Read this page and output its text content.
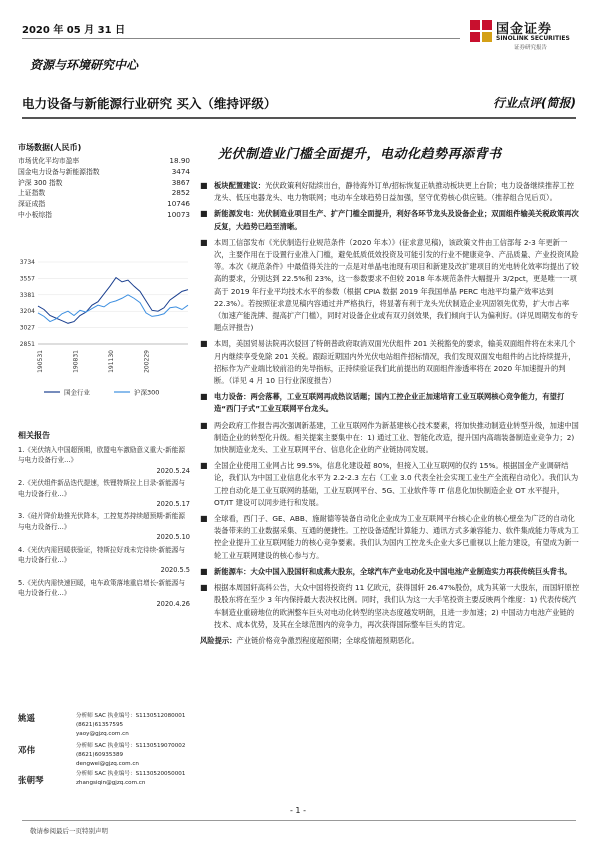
2020 年 05 月 31 日	国金证券
SINOLINK SECURITIES
证券研究报告
资源与环境研究中心
电力设备与新能源行业研究 买入（维持评级）	行业点评(简报)
市场数据(人民币)
市场优化平均市盈率	18.90
国金电力设备与新能源指数	3474
沪深 300 指数	3867
上证指数	2852
深证成指	10746
中小板综指	10073
3734
3557
3381
3204
3027
2851
190531	190831	191130	200229
国金行业	沪深300
相关报告
1.《光伏纳入中国超预期，欧盟电车激励意义重大-新能源与电力设备行业...》
2020.5.24
2.《光伏组件新品迭代提速，铁锂特斯拉上目录-新能源与电力设备行业...》
2020.5.17
3.《硅片降价助推光伏降本，工控复苏持续超预期-新能源与电力设备行...》
2020.5.10
4.《光伏内需回暖获验证，特斯拉好戏未完待续-新能源与电力设备行业...》
2020.5.5
5.《光伏内需快速回暖，电车政策落地重启增长-新能源与电力设备行业...》
2020.4.26
姚遥	分析师 SAC 执业编号：S1130512080001
(8621)61357595
yaoy@gjzq.com.cn
邓伟	分析师 SAC 执业编号：S1130519070002
(8621)60935389
dengwei@gjzq.com.cn
张朝琴
分析师 SAC 执业编号：S1130520050001
zhangsiqin@gjzq.com.cn
光伏制造业门槛全面提升，电动化趋势再添背书
■ 板块配置建议：光伏政策利好陆续出台，静待海外订单/招标恢复正轨推动板块更上台阶；电力设备继续推荐工控龙头、低压电器龙头、电力物联网；电动车全球趋势日益加强，坚守优势核心供应链。（推荐组合见后页）。
■ 新能源发电：光伏制造业项目生产、扩产门槛全面提升，利好各环节龙头及设备企业；双面组件输美关税政策再次反复，大趋势已趋至清晰。
■ 本周工信部发布《光伏制造行业规范条件（2020 年本）》(征求意见稿)，该政策文件由工信部每 2-3 年更新一次，主要作用在于设置行业准入门槛，避免低质低效投资及可能引发的行业不健康竞争、产品质量、产业投资风险等。本次《规范条件》中最值得关注的一点是对单晶电池现有项目和新建及改扩建项目的光电转化效率均提出了较高的要求，分别达到 22.5%和 23%，这一参数要求不但较 2018 年本规范条件大幅提升 3/2pct，更是唯一一项高于 2019 年行业平均技术水平的参数（根据 CPIA 数据 2019 年我国单晶 PERC 电池平均量产效率达到 22.3%）。若按照征求意见稿内容通过并严格执行，将显著有利于龙头光伏制造企业巩固领先优势，扩大市占率（加速产能洗牌、提高扩产门槛），同时对设备企业或有双刃剑效果，我们倾向于认为偏利好。(详见周期发布的专题点评报告)
■ 本周，美国贸易法院再次驳回了特朗普政府取消双面光伏组件 201 关税豁免的要求，输美双面组件将在未来几个月内继续享受免除 201 关税。跟踪近期国内外光伏电站组件招标情况，我们发现双面发电组件的占比持续提升，招标作为产业端比较前沿的先导指标，正持续验证我们此前提出的双面组件渗透率将在 2020 年加速提升的判断。（详见 4 月 10 日行业深度报告）
■ 电力设备：两会落幕，工业互联网再成热议话题；国内工控企业正加速培育工业互联网核心竞争能力，有望打造“西门子式”工业互联网平台龙头。
■ 两会政府工作报告再次强调新基建，工业互联网作为新基建核心技术要素，将加快推动制造业转型升级，加速中国制造企业的转型化升级。相关提案主要集中在：1) 通过工业、智能化改造，提升国内高端装备制造业竞争力；2) 加快制造业龙头、工业互联网平台、信息化企业的产业链协同发展。
■ 全国企业使用工业网占比 99.5%，信息化建设超 80%，但接入工业互联网的仅约 15%。根据国金产业调研结论，我们认为中国工业信息化水平为 2.2-2.3 左右（工业 3.0 代表全社会实现工业生产全流程自动化）。我们认为工控自动化是工业互联网的基础，工业互联网平台、5G、工业软件等 IT 信息化加快制造企业 OT 水平提升，OT/IT 建设可以同步进行和发展。
■ 全球看，西门子、GE、ABB、施耐德等装备自动化企业成为工业互联网平台核心企业的核心壁垒为广泛的自动化装备带来的工业数据采集、互通的便捷性。工控设备适配计算能力、通讯方式多兼容能力、软件集成能力等成为工控企业提升工业互联网能力的核心竞争要素。我们认为国内工控龙头企业大多已重视以上能力建设，有望成为新一轮工业互联网建设的核心参与方。
■ 新能源车：大众中国入股国轩和成燕大股东，全球汽车产业电动化及中国电池产业制造实力再获传统巨头背书。
■ 根据本周国轩高科公告，大众中国将投资约 11 亿欧元，获得国轩 26.47%股份，成为其第一大股东，而国轩原控股股东将在至少 3 年内保持最大表决权比例。同时，我们认为这一大手笔投资主要反映两个维度：1) 代表传统汽车制造业重磅地位的欧洲整车巨头对电动化转型的坚决态度越发明朗，且进一步加速；2) 中国动力电池产业链的技术、成本优势，及其在全球范围内的竞争力，再次获得国际整车巨头的肯定。
风险提示：产业链价格竞争激烈程度超预期；全球疫情超预期恶化。
- 1 -
敬请参阅最后一页特别声明
